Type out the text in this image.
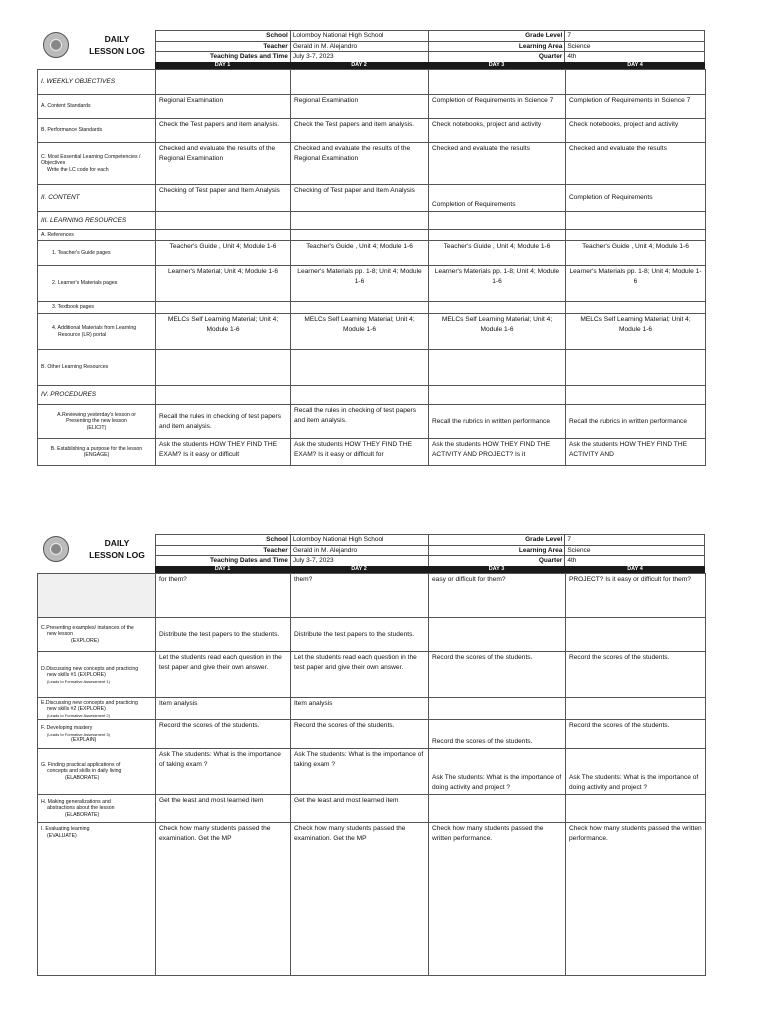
DAILY
LESSON LOG
School	Lolomboy National High School	Grade Level	7
Teacher	Gerald in M. Alejandro	Learning Area	Science
Teaching Dates and Time	July 3-7, 2023	Quarter	4th
DAY 1	DAY 2	DAY 3	DAY 4
I. WEEKLY OBJECTIVES				
A. Content Standards	Regional Examination	Regional Examination	Completion of Requirements in Science 7	Completion of Requirements in Science 7
B. Performance Standards	Check the Test papers and item analysis.	Check the Test papers and item analysis.	Check notebooks, project and activity	Check notebooks, project and activity
C. Most Essential Learning Competencies / Objectives
Write the LC code for each	Checked and evaluate the results of the Regional Examination	Checked and evaluate the results of the Regional Examination	Checked and evaluate the results	Checked and evaluate the results
II. CONTENT	Checking of Test paper and Item Analysis	Checking of Test paper and Item Analysis	Completion of Requirements	Completion of Requirements
III. LEARNING RESOURCES				
A. References				
1. Teacher's Guide pages	Teacher's Guide , Unit 4; Module 1-6	Teacher's Guide , Unit 4; Module 1-6	Teacher's Guide , Unit 4; Module 1-6	Teacher's Guide , Unit 4; Module 1-6
2. Learner's Materials pages	Learner's Material; Unit 4; Module 1-6	Learner's Materials pp. 1-8; Unit 4; Module 1-6	Learner's Materials pp. 1-8; Unit 4; Module 1-6	Learner's Materials pp. 1-8; Unit 4; Module 1-6
3. Textbook pages				
4. Additional Materials from Learning
Resource (LR) portal	MELCs Self Learning Material; Unit 4; Module 1-6	MELCs Self Learning Material; Unit 4; Module 1-6	MELCs Self Learning Material; Unit 4; Module 1-6	MELCs Self Learning Material; Unit 4; Module 1-6
B. Other Learning Resources				
IV. PROCEDURES				

A.Reviewing yesterday's lesson or
Presenting the new lesson
(ELICIT)	Recall the rules in checking of test papers and item analysis.	Recall the rules in checking of test papers and item analysis.	Recall the rubrics in written performance	Recall the rubrics in written performance

B. Establishing a purpose for the lesson
(ENGAGE)	Ask the students HOW THEY FIND THE EXAM? Is it easy or difficult	Ask the students HOW THEY FIND THE EXAM? Is it easy or difficult for	Ask the students HOW THEY FIND THE ACTIVITY AND PROJECT? Is it	Ask the students HOW THEY FIND THE ACTIVITY AND
DAILY
LESSON LOG
School	Lolomboy National High School	Grade Level	7
Teacher	Gerald in M. Alejandro	Learning Area	Science
Teaching Dates and Time	July 3-7, 2023	Quarter	4th
DAY 1	DAY 2	DAY 3	DAY 4
	for them?	them?	easy or difficult for them?	PROJECT? Is it easy or difficult for them?

C.Presenting examples/ instances of the
new lesson
(EXPLORE)	Distribute the test papers to the students.	Distribute the test papers to the students.		

D.Discussing new concepts and practicing
new skills #1 (EXPLORE)
(Leads to Formative Assessment 1)	Let the students read each question in the test paper and give their own answer.	Let the students read each question in the test paper and give their own answer.	Record the scores of the students.	Record the scores of the students.

E.Discussing new concepts and practicing
new skills #2 (EXPLORE)
(Leads to Formative Assessment 2)	Item analysis	Item analysis		

F. Developing mastery
(Leads to Formative Assessment 3)
(EXPLAIN)	Record the scores of the students.	Record the scores of the students.	Record the scores of the students.	Record the scores of the students.

G. Finding practical applications of
concepts and skills in daily living
(ELABORATE)	Ask The students: What is the importance of taking exam ?	Ask The students: What is the importance of taking exam ?	Ask The students: What is the importance of doing activity and project ?	Ask The students: What is the importance of doing activity and project ?

H. Making generalizations and
abstractions about the lesson
(ELABORATE)	Get the least and most learned item	Get the least and most learned item		

I. Evaluating learning
(EVALUATE)	Check how many students passed the examination. Get the MP	Check how many students passed the examination. Get the MP	Check how many students passed the written performance.	Check how many students passed the written performance.
